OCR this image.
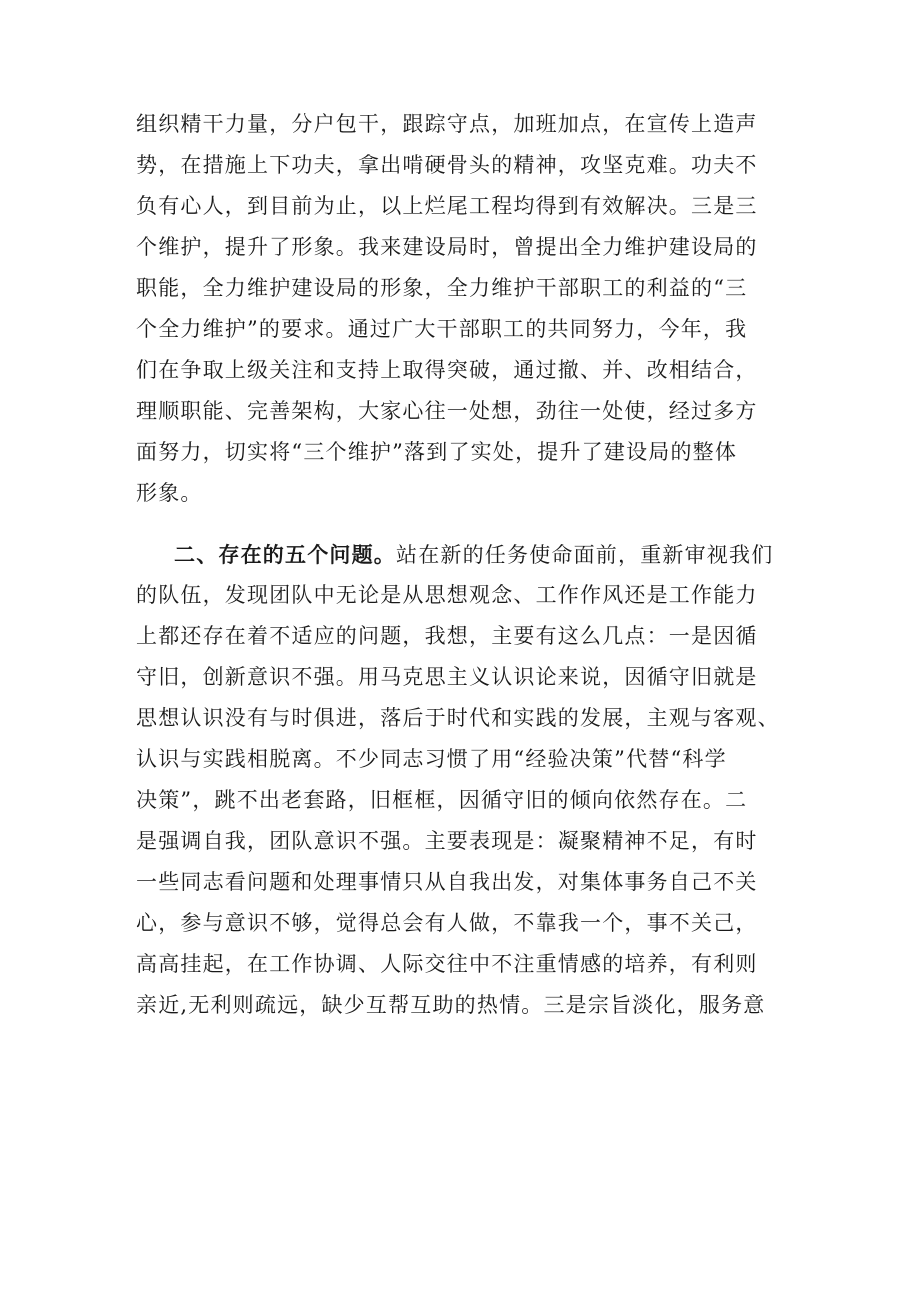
组织精干力量，分户包干，跟踪守点，加班加点，在宣传上造声
势，在措施上下功夫，拿出啃硬骨头的精神，攻坚克难。功夫不
负有心人，到目前为止，以上烂尾工程均得到有效解决。三是三
个维护，提升了形象。我来建设局时，曾提出全力维护建设局的
职能，全力维护建设局的形象，全力维护干部职工的利益的“三
个全力维护”的要求。通过广大干部职工的共同努力，今年，我
们在争取上级关注和支持上取得突破，通过撤、并、改相结合，
理顺职能、完善架构，大家心往一处想，劲往一处使，经过多方
面努力，切实将“三个维护”落到了实处，提升了建设局的整体
形象。
二、存在的五个问题。站在新的任务使命面前，重新审视我们
的队伍，发现团队中无论是从思想观念、工作作风还是工作能力
上都还存在着不适应的问题，我想，主要有这么几点：一是因循
守旧，创新意识不强。用马克思主义认识论来说，因循守旧就是
思想认识没有与时俱进，落后于时代和实践的发展，主观与客观、
认识与实践相脱离。不少同志习惯了用“经验决策”代替“科学
决策”，跳不出老套路，旧框框，因循守旧的倾向依然存在。二
是强调自我，团队意识不强。主要表现是：凝聚精神不足，有时
一些同志看问题和处理事情只从自我出发，对集体事务自己不关
心，参与意识不够，觉得总会有人做，不靠我一个，事不关己，
高高挂起，在工作协调、人际交往中不注重情感的培养，有利则
亲近,无利则疏远，缺少互帮互助的热情。三是宗旨淡化，服务意
